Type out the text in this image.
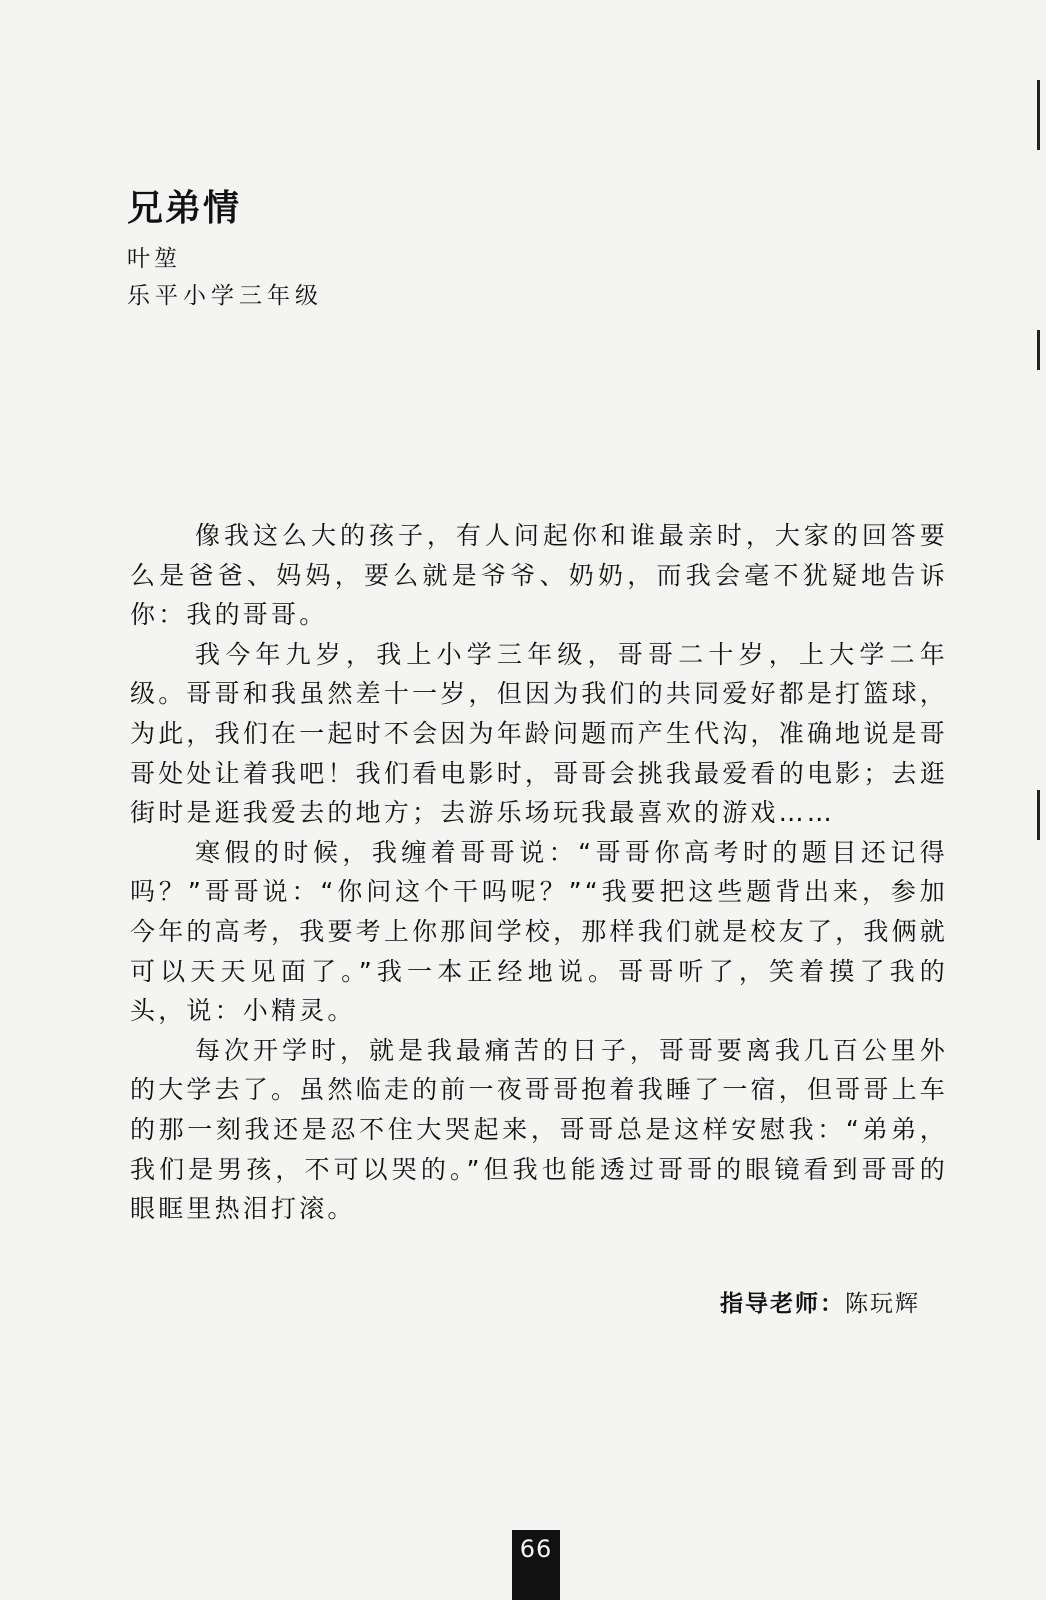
兄弟情
叶堃
乐平小学三年级

像我这么大的孩子，有人问起你和谁最亲时，大家的回答要么是爸爸、妈妈，要么就是爷爷、奶奶，而我会毫不犹疑地告诉你：我的哥哥。

我今年九岁，我上小学三年级，哥哥二十岁，上大学二年级。哥哥和我虽然差十一岁，但因为我们的共同爱好都是打篮球，为此，我们在一起时不会因为年龄问题而产生代沟，准确地说是哥哥处处让着我吧！我们看电影时，哥哥会挑我最爱看的电影；去逛街时是逛我爱去的地方；去游乐场玩我最喜欢的游戏……

寒假的时候，我缠着哥哥说：“哥哥你高考时的题目还记得吗？”哥哥说：“你问这个干吗呢？”“我要把这些题背出来，参加今年的高考，我要考上你那间学校，那样我们就是校友了，我俩就可以天天见面了。”我一本正经地说。哥哥听了，笑着摸了我的头，说：小精灵。

每次开学时，就是我最痛苦的日子，哥哥要离我几百公里外的大学去了。虽然临走的前一夜哥哥抱着我睡了一宿，但哥哥上车的那一刻我还是忍不住大哭起来，哥哥总是这样安慰我：“弟弟，我们是男孩，不可以哭的。”但我也能透过哥哥的眼镜看到哥哥的眼眶里热泪打滚。

指导老师：陈玩辉
66
